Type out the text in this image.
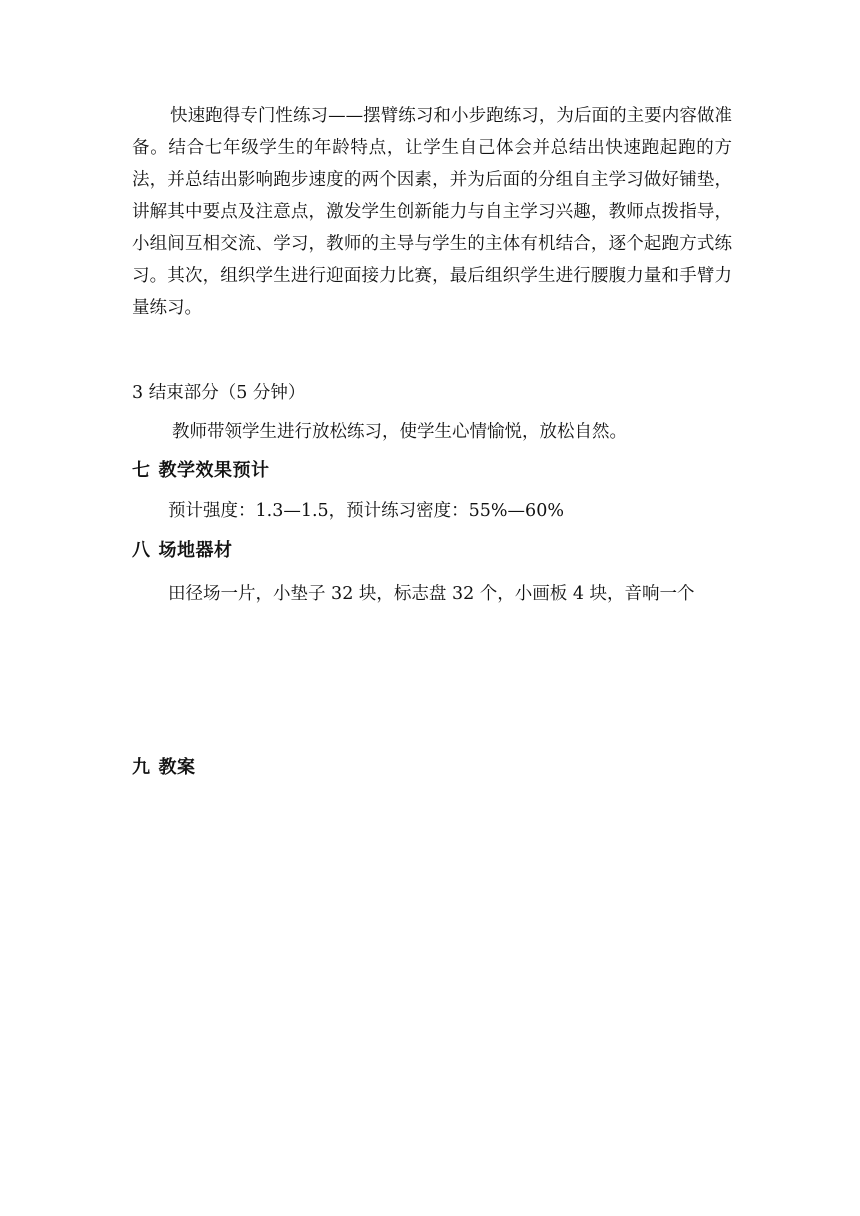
快速跑得专门性练习——摆臂练习和小步跑练习，为后面的主要内容做准备。结合七年级学生的年龄特点，让学生自己体会并总结出快速跑起跑的方法，并总结出影响跑步速度的两个因素，并为后面的分组自主学习做好铺垫，讲解其中要点及注意点，激发学生创新能力与自主学习兴趣，教师点拨指导，小组间互相交流、学习，教师的主导与学生的主体有机结合，逐个起跑方式练习。其次，组织学生进行迎面接力比赛，最后组织学生进行腰腹力量和手臂力量练习。
3 结束部分（5 分钟）
教师带领学生进行放松练习，使学生心情愉悦，放松自然。
七 教学效果预计
预计强度：1.3—1.5，预计练习密度：55%—60%
八 场地器材
田径场一片，小垫子 32 块，标志盘 32 个，小画板 4 块，音响一个
九 教案
